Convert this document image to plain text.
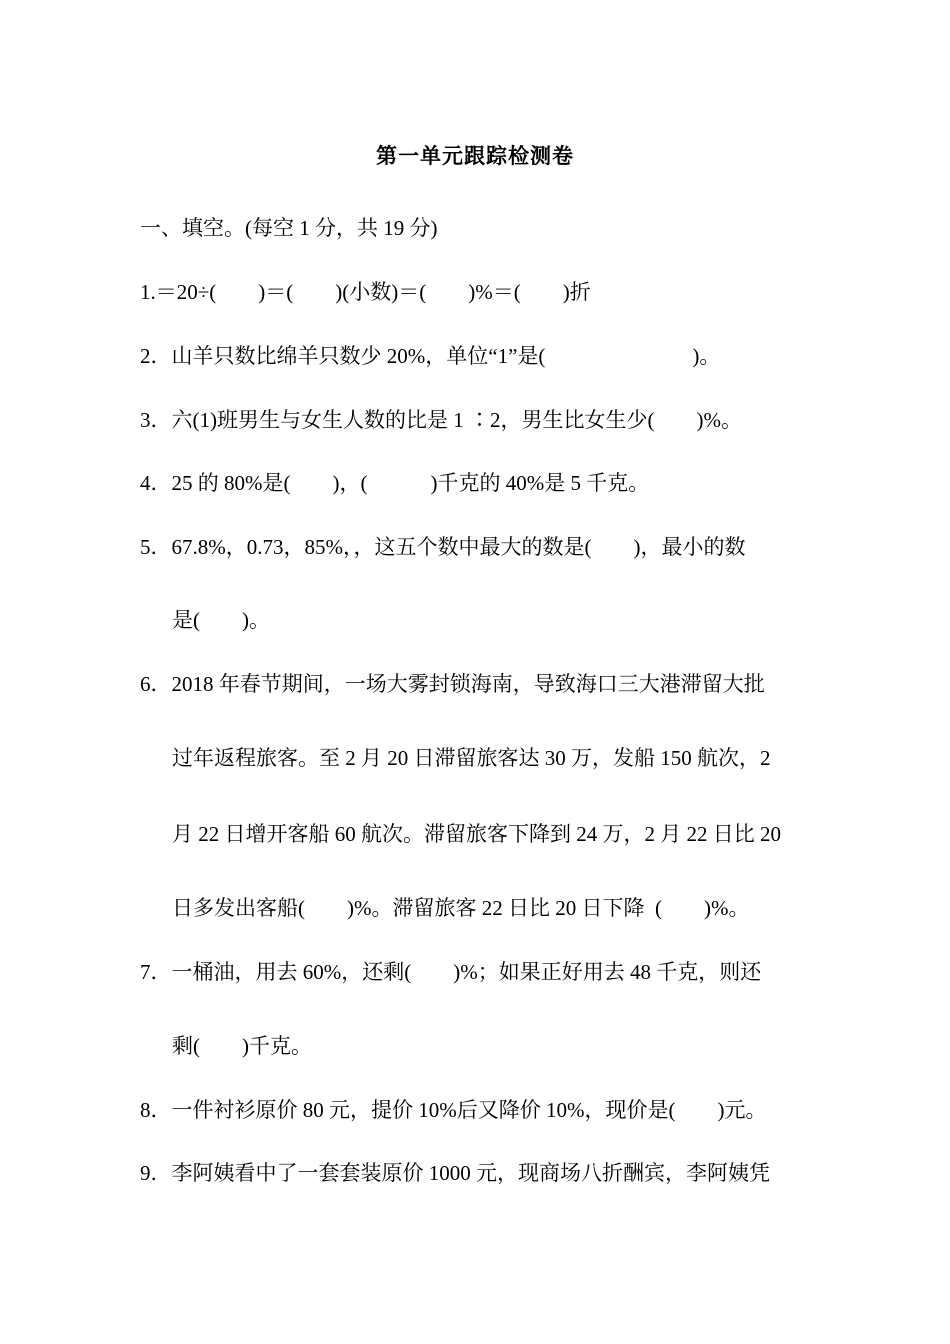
第一单元跟踪检测卷
一、填空。(每空 1 分，共 19 分)
1.＝20÷(　　)＝(　　)(小数)＝(　　)%＝(　　)折
2．山羊只数比绵羊只数少 20%，单位“1”是(　　　　　　　)。
3．六(1)班男生与女生人数的比是 1 ∶2，男生比女生少(　　)%。
4．25 的 80%是(　　)，(　　　)千克的 40%是 5 千克。
5．67.8%，0.73，85%，，这五个数中最大的数是(　　)，最小的数
是(　　)。
6．2018 年春节期间，一场大雾封锁海南，导致海口三大港滞留大批
过年返程旅客。至 2 月 20 日滞留旅客达 30 万，发船 150 航次，2
月 22 日增开客船 60 航次。滞留旅客下降到 24 万，2 月 22 日比 20
日多发出客船(　　)%。滞留旅客 22 日比 20 日下降  (　　)%。
7．一桶油，用去 60%，还剩(　　)%；如果正好用去 48 千克，则还
剩(　　)千克。
8．一件衬衫原价 80 元，提价 10%后又降价 10%，现价是(　　)元。
9．李阿姨看中了一套套装原价 1000 元，现商场八折酬宾，李阿姨凭
